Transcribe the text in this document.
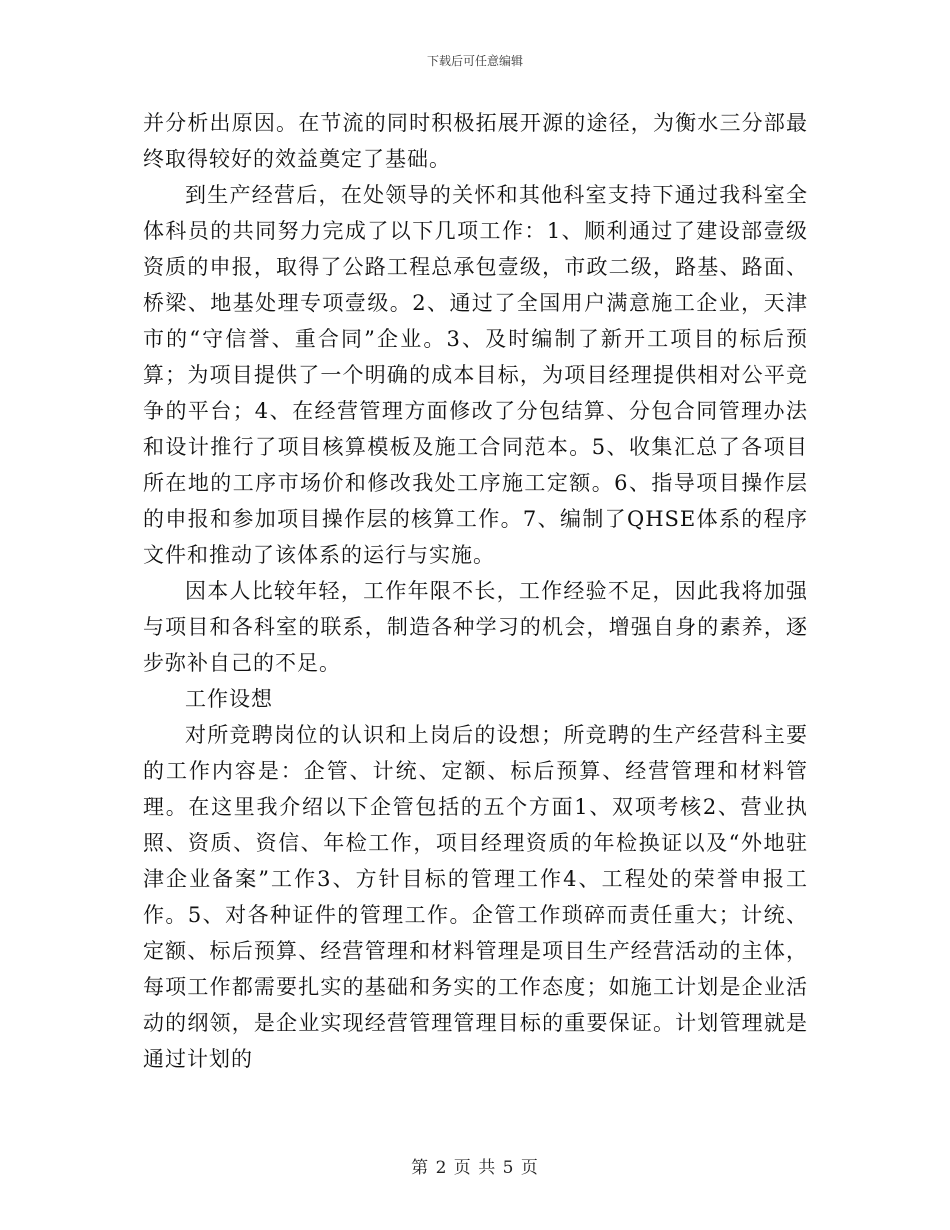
下载后可任意编辑

并分析出原因。在节流的同时积极拓展开源的途径，为衡水三分部最终取得较好的效益奠定了基础。

到生产经营后，在处领导的关怀和其他科室支持下通过我科室全体科员的共同努力完成了以下几项工作：1、顺利通过了建设部壹级资质的申报，取得了公路工程总承包壹级，市政二级，路基、路面、桥梁、地基处理专项壹级。2、通过了全国用户满意施工企业，天津市的“守信誉、重合同”企业。3、及时编制了新开工项目的标后预算；为项目提供了一个明确的成本目标，为项目经理提供相对公平竞争的平台；4、在经营管理方面修改了分包结算、分包合同管理办法和设计推行了项目核算模板及施工合同范本。5、收集汇总了各项目所在地的工序市场价和修改我处工序施工定额。6、指导项目操作层的申报和参加项目操作层的核算工作。7、编制了QHSE体系的程序文件和推动了该体系的运行与实施。

因本人比较年轻，工作年限不长，工作经验不足，因此我将加强与项目和各科室的联系，制造各种学习的机会，增强自身的素养，逐步弥补自己的不足。

工作设想

对所竞聘岗位的认识和上岗后的设想；所竞聘的生产经营科主要的工作内容是：企管、计统、定额、标后预算、经营管理和材料管理。在这里我介绍以下企管包括的五个方面1、双项考核2、营业执照、资质、资信、年检工作，项目经理资质的年检换证以及“外地驻津企业备案”工作3、方针目标的管理工作4、工程处的荣誉申报工作。5、对各种证件的管理工作。企管工作琐碎而责任重大；计统、定额、标后预算、经营管理和材料管理是项目生产经营活动的主体，每项工作都需要扎实的基础和务实的工作态度；如施工计划是企业活动的纲领，是企业实现经营管理管理目标的重要保证。计划管理就是通过计划的

第 2 页 共 5 页
